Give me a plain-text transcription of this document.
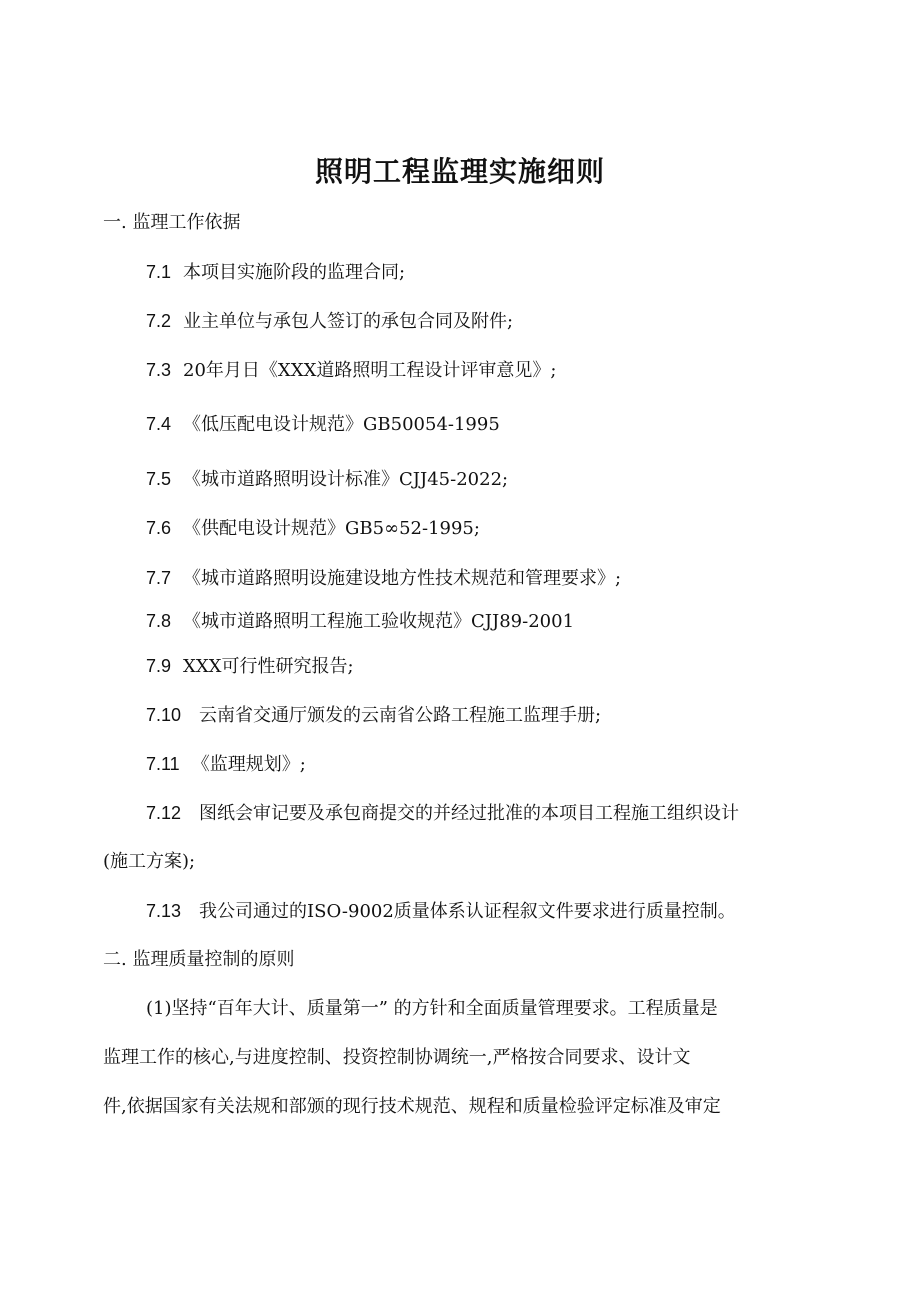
照明工程监理实施细则
一. 监理工作依据
7.1 本项目实施阶段的监理合同;
7.2 业主单位与承包人签订的承包合同及附件;
7.3 20年月日《XXX道路照明工程设计评审意见》;
7.4 《低压配电设计规范》GB50054-1995
7.5 《城市道路照明设计标准》CJJ45-2022;
7.6 《供配电设计规范》GB5∞52-1995;
7.7 《城市道路照明设施建设地方性技术规范和管理要求》;
7.8 《城市道路照明工程施工验收规范》CJJ89-2001
7.9 XXX可行性研究报告;
7.10 云南省交通厅颁发的云南省公路工程施工监理手册;
7.11 《监理规划》;
7.12 图纸会审记要及承包商提交的并经过批准的本项目工程施工组织设计
(施工方案);
7.13 我公司通过的ISO-9002质量体系认证程叙文件要求进行质量控制。
二. 监理质量控制的原则
(1)坚持“百年大计、质量第一” 的方针和全面质量管理要求。工程质量是
监理工作的核心,与进度控制、投资控制协调统一,严格按合同要求、设计文
件,依据国家有关法规和部颁的现行技术规范、规程和质量检验评定标准及审定
